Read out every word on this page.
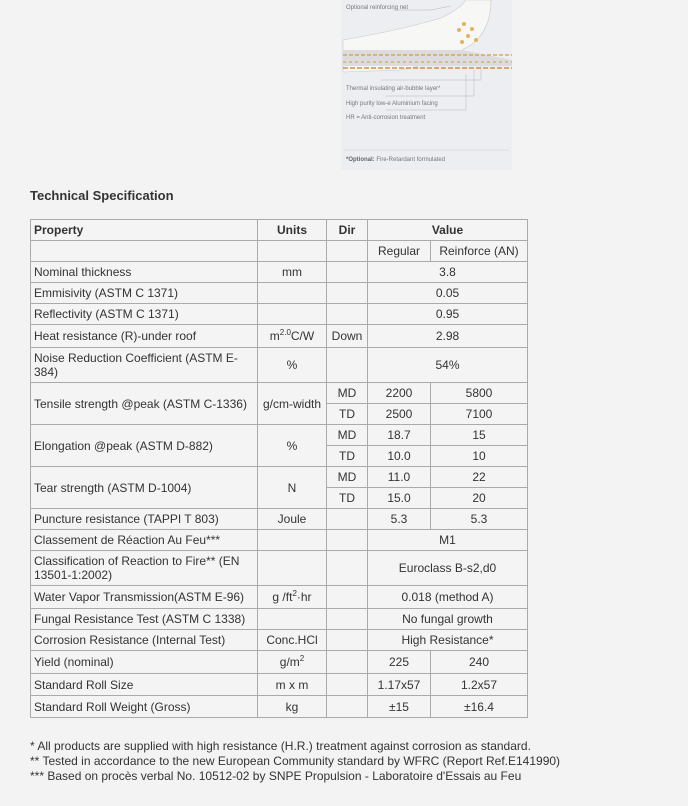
Optional reinforcing net
Thermal insulating air-bubble layer*
High purity low-e Aluminium facing
HR = Anti-corrosion treatment
*Optional: Fire-Retardant formulated
Technical Specification
Property	Units	Dir	Value	
			Regular	Reinforce (AN)
Nominal thickness	mm		3.8	
Emmisivity (ASTM C 1371)			0.05	
Reflectivity (ASTM C 1371)			0.95	
Heat resistance (R)-under roof	$m^{2.0}C/W$	Down	2.98	
Noise Reduction Coefficient (ASTM E-384)	%		54%	
Tensile strength @peak (ASTM C-1336)	g/cm-width	MD	2200	5800
		TD	2500	7100
Elongation @peak (ASTM D-882)	%	MD	18.7	15
		TD	10.0	10
Tear strength (ASTM D-1004)	N	MD	11.0	22
		TD	15.0	20
Puncture resistance (TAPPI T 803)	Joule		5.3	5.3
Classement de Réaction Au Feu***			M1	
Classification of Reaction to Fire** (EN 13501-1:2002)			Euroclass B-s2,d0	
Water Vapor Transmission(ASTM E-96)	g $/ft^2\cdot hr$		0.018 (method A)	
Fungal Resistance Test (ASTM C 1338)			No fungal growth	
Corrosion Resistance (Internal Test)	Conc.HCl		High Resistance*	
Yield (nominal)	$g/m^2$		225	240
Standard Roll Size	m x m		1.17x57	1.2x57
Standard Roll Weight (Gross)	kg		±15	±16.4
* All products are supplied with high resistance (H.R.) treatment against corrosion as standard.
** Tested in accordance to the new European Community standard by WFRC (Report Ref.E141990)
*** Based on procès verbal No. 10512-02 by SNPE Propulsion - Laboratoire d'Essais au Feu
